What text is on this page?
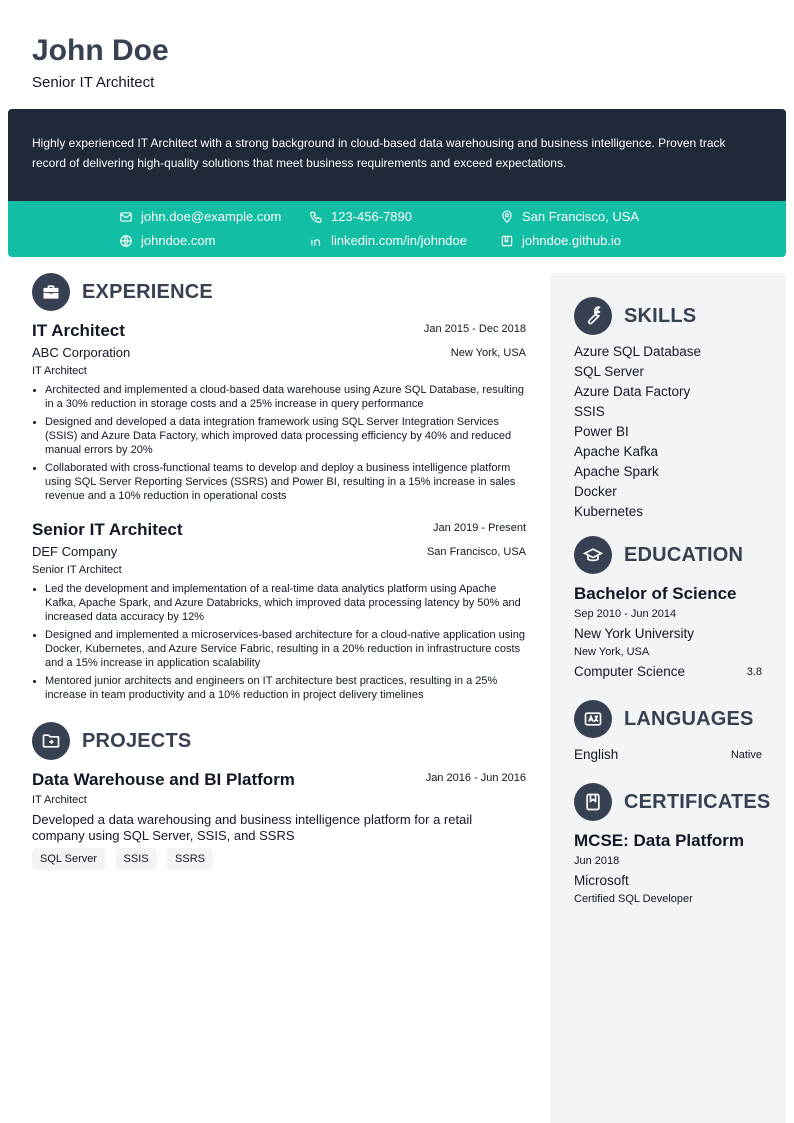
John Doe
Senior IT Architect
Highly experienced IT Architect with a strong background in cloud-based data warehousing and business intelligence. Proven track record of delivering high-quality solutions that meet business requirements and exceed expectations.
john.doe@example.com	123-456-7890	San Francisco, USA
johndoe.com	linkedin.com/in/johndoe	johndoe.github.io
EXPERIENCE
IT Architect	Jan 2015 - Dec 2018
ABC Corporation	New York, USA
IT Architect
Architected and implemented a cloud-based data warehouse using Azure SQL Database, resulting in a 30% reduction in storage costs and a 25% increase in query performance
Designed and developed a data integration framework using SQL Server Integration Services (SSIS) and Azure Data Factory, which improved data processing efficiency by 40% and reduced manual errors by 20%
Collaborated with cross-functional teams to develop and deploy a business intelligence platform using SQL Server Reporting Services (SSRS) and Power BI, resulting in a 15% increase in sales revenue and a 10% reduction in operational costs
Senior IT Architect	Jan 2019 - Present
DEF Company	San Francisco, USA
Senior IT Architect
Led the development and implementation of a real-time data analytics platform using Apache Kafka, Apache Spark, and Azure Databricks, which improved data processing latency by 50% and increased data accuracy by 12%
Designed and implemented a microservices-based architecture for a cloud-native application using Docker, Kubernetes, and Azure Service Fabric, resulting in a 20% reduction in infrastructure costs and a 15% increase in application scalability
Mentored junior architects and engineers on IT architecture best practices, resulting in a 25% increase in team productivity and a 10% reduction in project delivery timelines
PROJECTS
Data Warehouse and BI Platform	Jan 2016 - Jun 2016
IT Architect
Developed a data warehousing and business intelligence platform for a retail company using SQL Server, SSIS, and SSRS
SQL Server SSIS SSRS
SKILLS
Azure SQL Database
SQL Server
Azure Data Factory
SSIS
Power BI
Apache Kafka
Apache Spark
Docker
Kubernetes
EDUCATION
Bachelor of Science
Sep 2010 - Jun 2014
New York University
New York, USA
Computer Science	3.8
LANGUAGES
English	Native
CERTIFICATES
MCSE: Data Platform
Jun 2018
Microsoft
Certified SQL Developer
